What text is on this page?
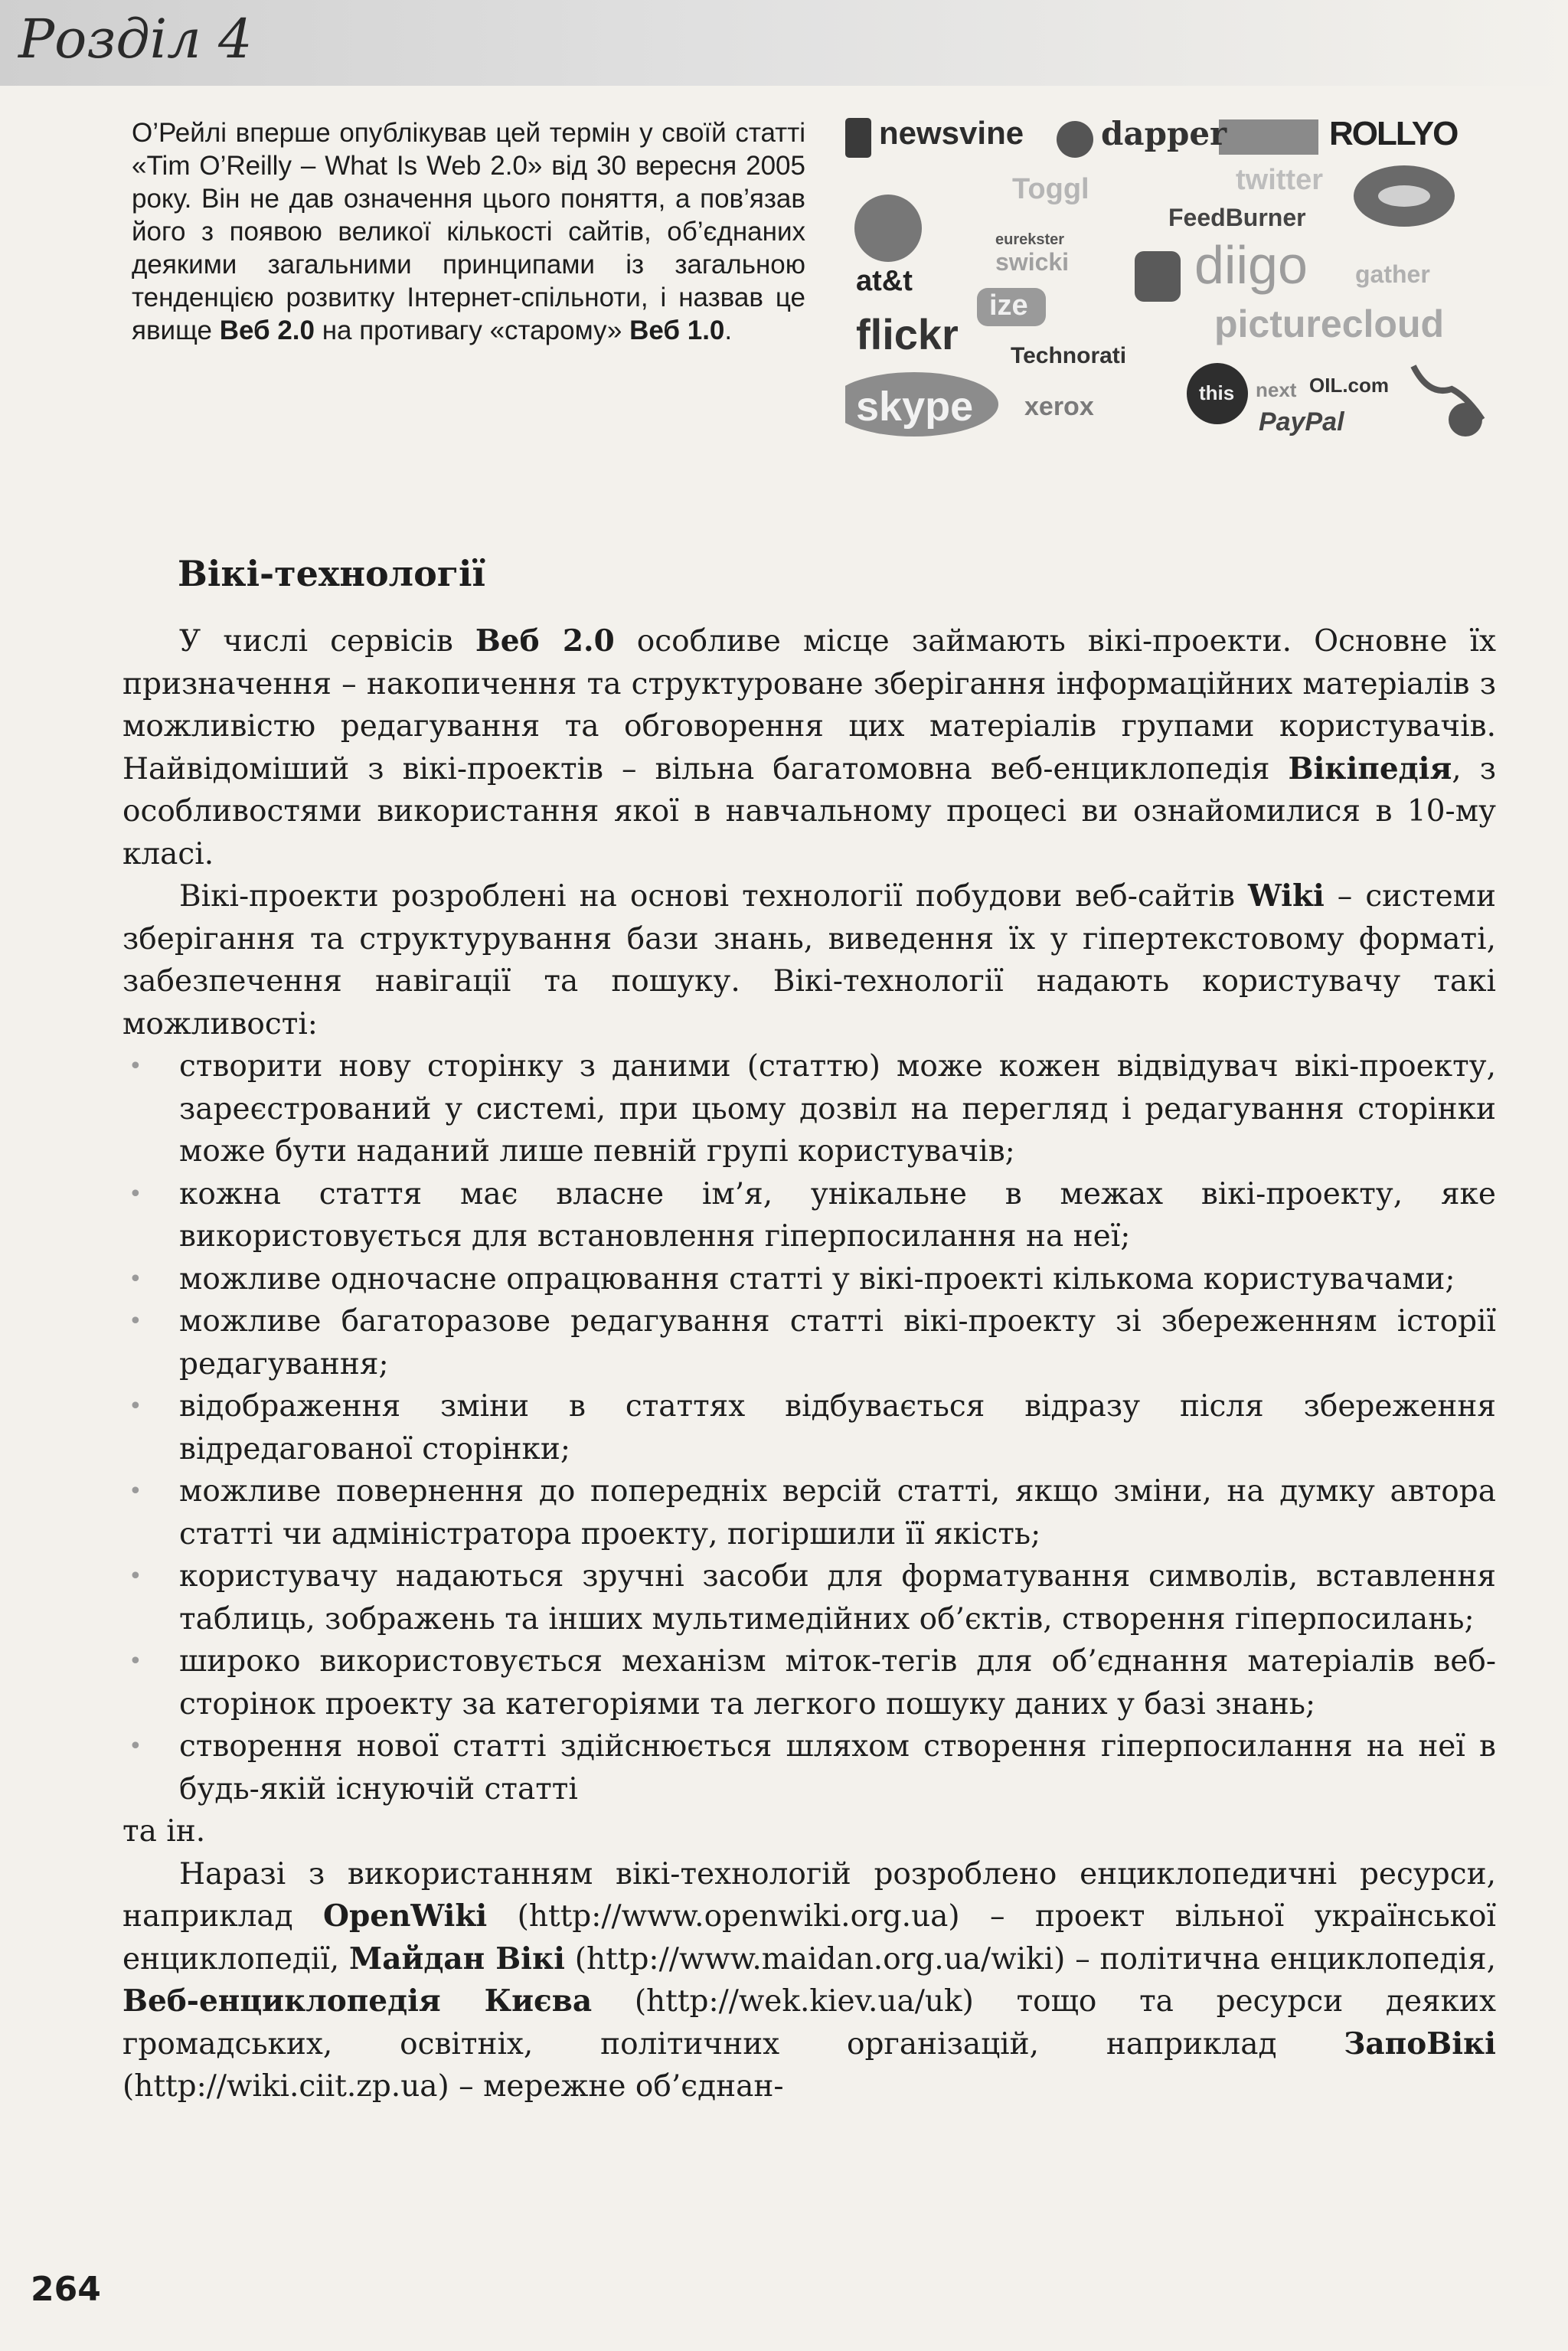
Розділ 4

О’Рейлі вперше опублікував цей термін у своїй статті «Tim O’Reilly – What Is Web 2.0» від 30 вересня 2005 року. Він не дав означення цього поняття, а пов’язав його з появою великої кількості сайтів, об’єднаних деякими загальними принципами із загальною тенденцією розвитку Інтернет-спільноти, і назвав це явище Веб 2.0 на противагу «старому» Веб 1.0.

newsvine dapper	ROLLYO
Toggl	twitter
FeedBurner
at&t
eurekster
swicki diigo gather
flickr
ize	picturecloud
Technorati
skype xerox	this next OIL.com
PayPal
Вікі-технології

У числі сервісів Веб 2.0 особливе місце займають вікі-проекти. Основне їх призначення – накопичення та структуроване зберігання інформаційних матеріалів з можливістю редагування та обговорення цих матеріалів групами користувачів. Найвідоміший з вікі-проектів – вільна багатомовна веб-енциклопедія Вікіпедія, з особливостями використання якої в навчальному процесі ви ознайомилися в 10-му класі.

Вікі-проекти розроблені на основі технології побудови веб-сайтів Wiki – системи зберігання та структурування бази знань, виведення їх у гіпертекстовому форматі, забезпечення навігації та пошуку. Вікі-технології надають користувачу такі можливості:

• створити нову сторінку з даними (статтю) може кожен відвідувач вікі-проекту, зареєстрований у системі, при цьому дозвіл на перегляд і редагування сторінки може бути наданий лише певній групі користувачів;
• кожна стаття має власне ім’я, унікальне в межах вікі-проекту, яке використовується для встановлення гіперпосилання на неї;
• можливе одночасне опрацювання статті у вікі-проекті кількома користувачами;
• можливе багаторазове редагування статті вікі-проекту зі збереженням історії редагування;
• відображення зміни в статтях відбувається відразу після збереження відредагованої сторінки;
• можливе повернення до попередніх версій статті, якщо зміни, на думку автора статті чи адміністратора проекту, погіршили її якість;
• користувачу надаються зручні засоби для форматування символів, вставлення таблиць, зображень та інших мультимедійних об’єктів, створення гіперпосилань;
• широко використовується механізм міток-тегів для об’єднання матеріалів веб-сторінок проекту за категоріями та легкого пошуку даних у базі знань;
• створення нової статті здійснюється шляхом створення гіперпосилання на неї в будь-якій існуючій статті

та ін.

Наразі з використанням вікі-технологій розроблено енциклопедичні ресурси, наприклад OpenWiki (http://www.openwiki.org.ua) – проект вільної української енциклопедії, Майдан Вікі (http://www.maidan.org.ua/wiki) – політична енциклопедія, Веб-енциклопедія Києва (http://wek.kiev.ua/uk) тощо та ресурси деяких громадських, освітніх, політичних організацій, наприклад ЗапоВікі (http://wiki.ciit.zp.ua) – мережне об’єднан-

264
